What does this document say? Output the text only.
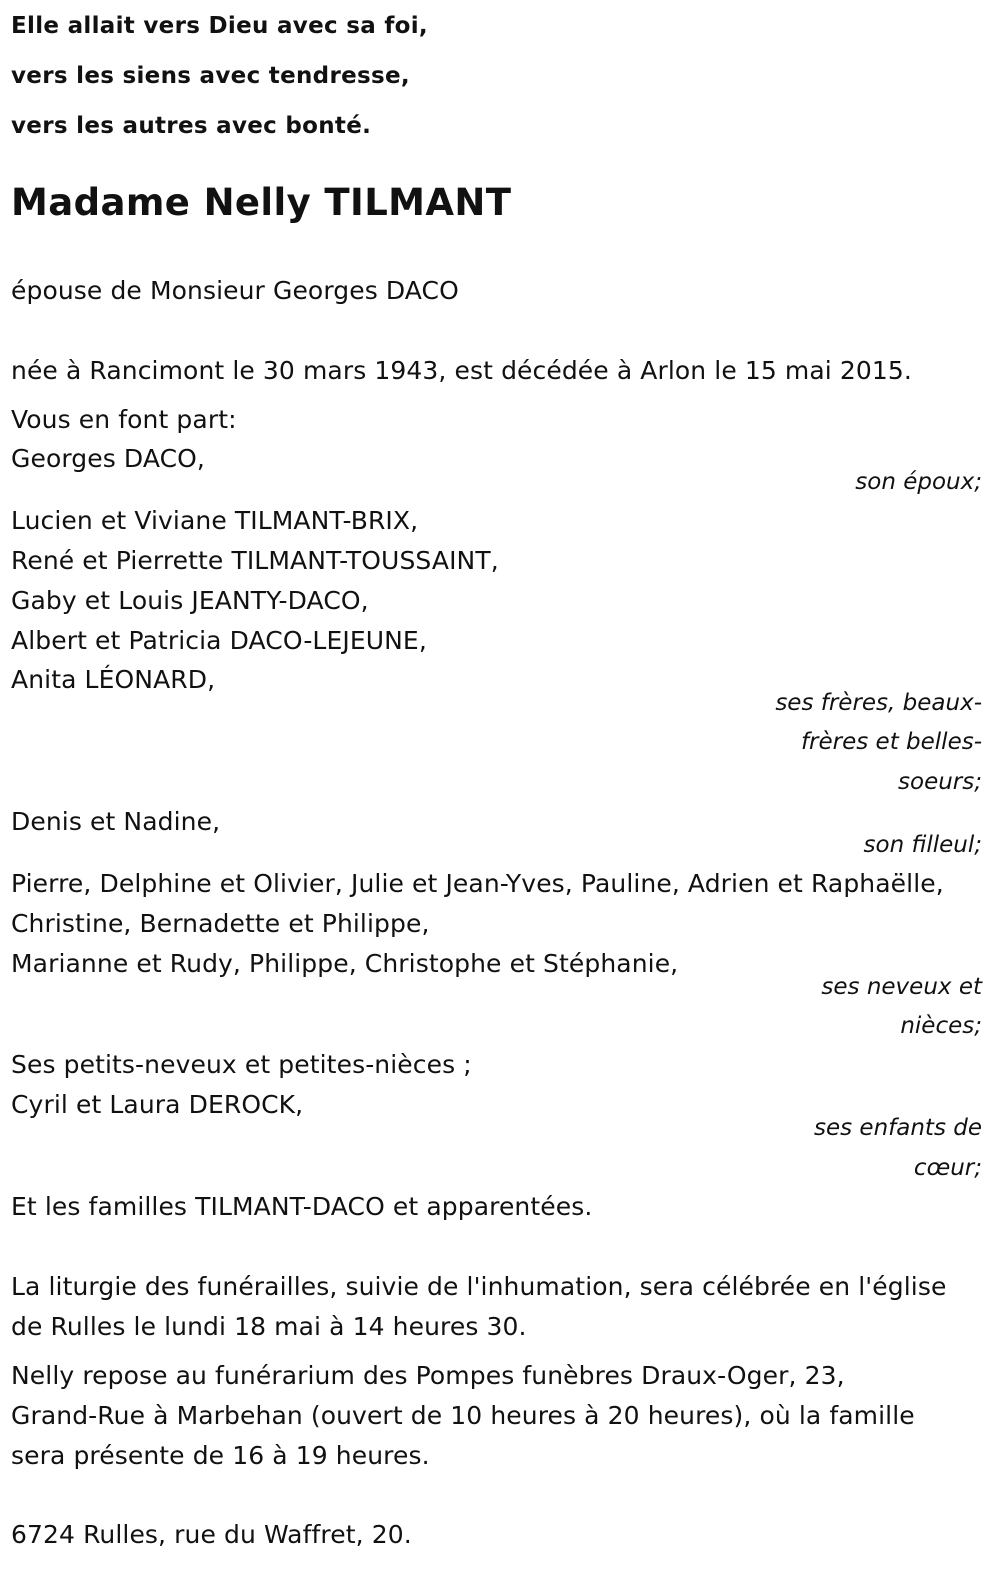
Elle allait vers Dieu avec sa foi,
vers les siens avec tendresse,
vers les autres avec bonté.
Madame Nelly TILMANT
épouse de Monsieur Georges DACO
née à Rancimont le 30 mars 1943, est décédée à Arlon le 15 mai 2015.
Vous en font part:
Georges DACO,
son époux;
Lucien et Viviane TILMANT-BRIX,
René et Pierrette TILMANT-TOUSSAINT,
Gaby et Louis JEANTY-DACO,
Albert et Patricia DACO-LEJEUNE,
Anita LÉONARD,
ses frères, beaux-
frères et belles-
soeurs;
Denis et Nadine,
son filleul;
Pierre, Delphine et Olivier, Julie et Jean-Yves, Pauline, Adrien et Raphaëlle,
Christine, Bernadette et Philippe,
Marianne et Rudy, Philippe, Christophe et Stéphanie,
ses neveux et
nièces;
Ses petits-neveux et petites-nièces ;
Cyril et Laura DEROCK,
ses enfants de
cœur;
Et les familles TILMANT-DACO et apparentées.
La liturgie des funérailles, suivie de l'inhumation, sera célébrée en l'église
de Rulles le lundi 18 mai à 14 heures 30.
Nelly repose au funérarium des Pompes funèbres Draux-Oger, 23,
Grand-Rue à Marbehan (ouvert de 10 heures à 20 heures), où la famille
sera présente de 16 à 19 heures.
6724 Rulles, rue du Waffret, 20.
